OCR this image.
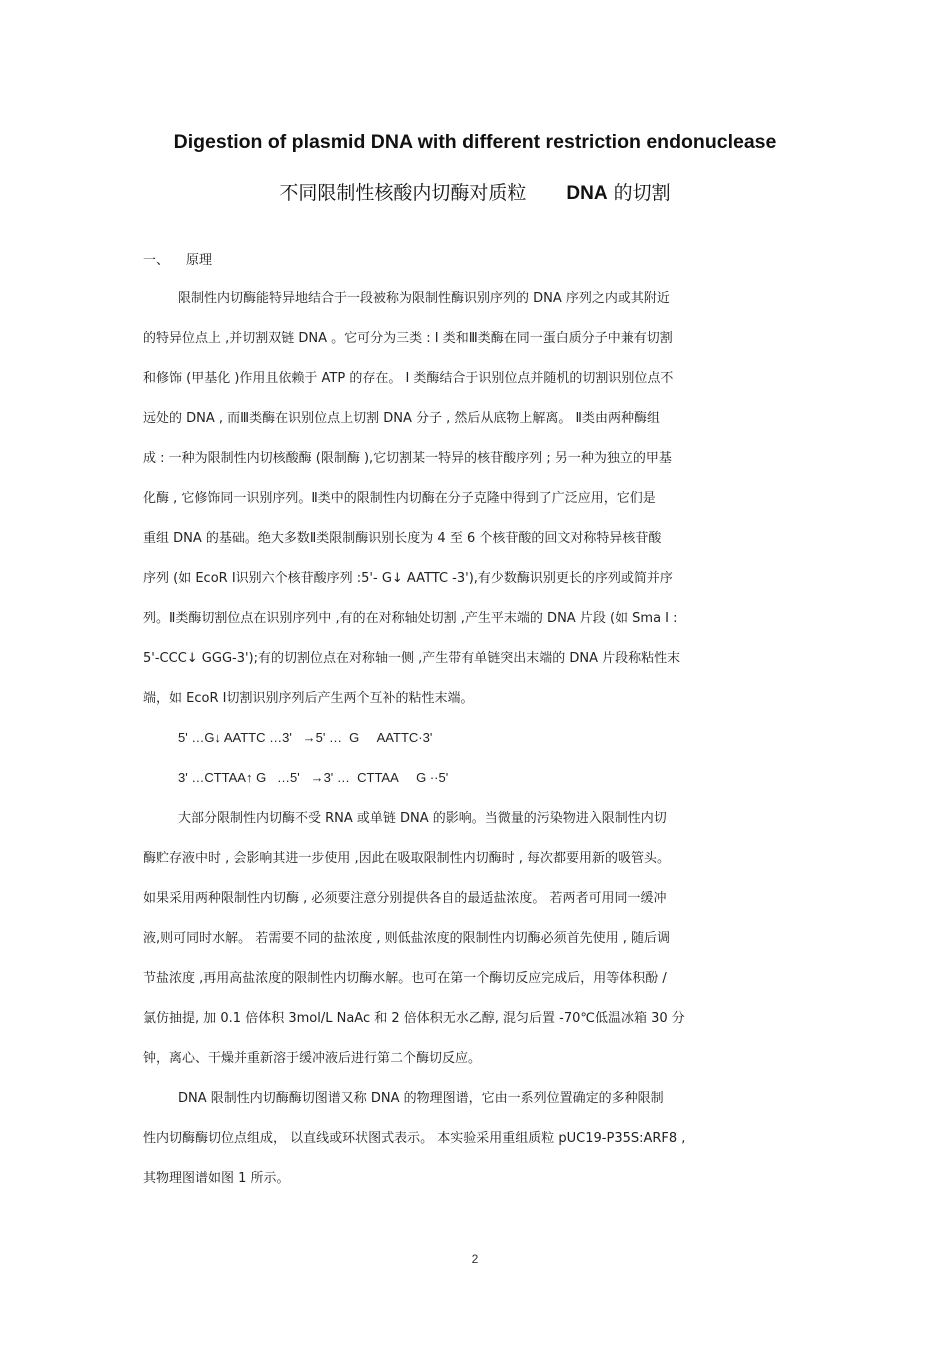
Digestion of plasmid DNA with different restriction endonuclease
不同限制性核酸内切酶对质粒 DNA 的切割
一、 原理
限制性内切酶能特异地结合于一段被称为限制性酶识别序列的 DNA 序列之内或其附近
的特异位点上 ,并切割双链 DNA 。它可分为三类 : I 类和Ⅲ类酶在同一蛋白质分子中兼有切割
和修饰 (甲基化 )作用且依赖于 ATP 的存在。 I 类酶结合于识别位点并随机的切割识别位点不
远处的 DNA , 而Ⅲ类酶在识别位点上切割 DNA 分子 , 然后从底物上解离。 Ⅱ类由两种酶组
成 : 一种为限制性内切核酸酶 (限制酶 ),它切割某一特异的核苷酸序列 ; 另一种为独立的甲基
化酶 , 它修饰同一识别序列。Ⅱ类中的限制性内切酶在分子克隆中得到了广泛应用，它们是
重组 DNA 的基础。绝大多数Ⅱ类限制酶识别长度为 4 至 6 个核苷酸的回文对称特异核苷酸
序列 (如 EcoR Ⅰ识别六个核苷酸序列 :5'- G↓ AATTC -3'),有少数酶识别更长的序列或简并序
列。Ⅱ类酶切割位点在识别序列中 ,有的在对称轴处切割 ,产生平末端的 DNA 片段 (如 Sma Ⅰ :
5'-CCC↓ GGG-3');有的切割位点在对称轴一侧 ,产生带有单链突出末端的 DNA 片段称粘性末
端，如 EcoR Ⅰ切割识别序列后产生两个互补的粘性末端。
5' …G↓ AATTC …3'   →5' …  G     AATTC·3'
3' …CTTAA↑ G   …5'   →3' …  CTTAA     G ··5'
大部分限制性内切酶不受 RNA 或单链 DNA 的影响。当微量的污染物进入限制性内切
酶贮存液中时 , 会影响其进一步使用 ,因此在吸取限制性内切酶时 , 每次都要用新的吸管头。
如果采用两种限制性内切酶 , 必须要注意分别提供各自的最适盐浓度。 若两者可用同一缓冲
液,则可同时水解。 若需要不同的盐浓度 , 则低盐浓度的限制性内切酶必须首先使用 , 随后调
节盐浓度 ,再用高盐浓度的限制性内切酶水解。也可在第一个酶切反应完成后，用等体积酚 /
氯仿抽提, 加 0.1 倍体积 3mol/L NaAc 和 2 倍体积无水乙醇, 混匀后置 -70℃低温冰箱 30 分
钟，离心、干燥并重新溶于缓冲液后进行第二个酶切反应。
DNA 限制性内切酶酶切图谱又称 DNA 的物理图谱，它由一系列位置确定的多种限制
性内切酶酶切位点组成， 以直线或环状图式表示。 本实验采用重组质粒 pUC19-P35S:ARF8 ,
其物理图谱如图 1 所示。
2
